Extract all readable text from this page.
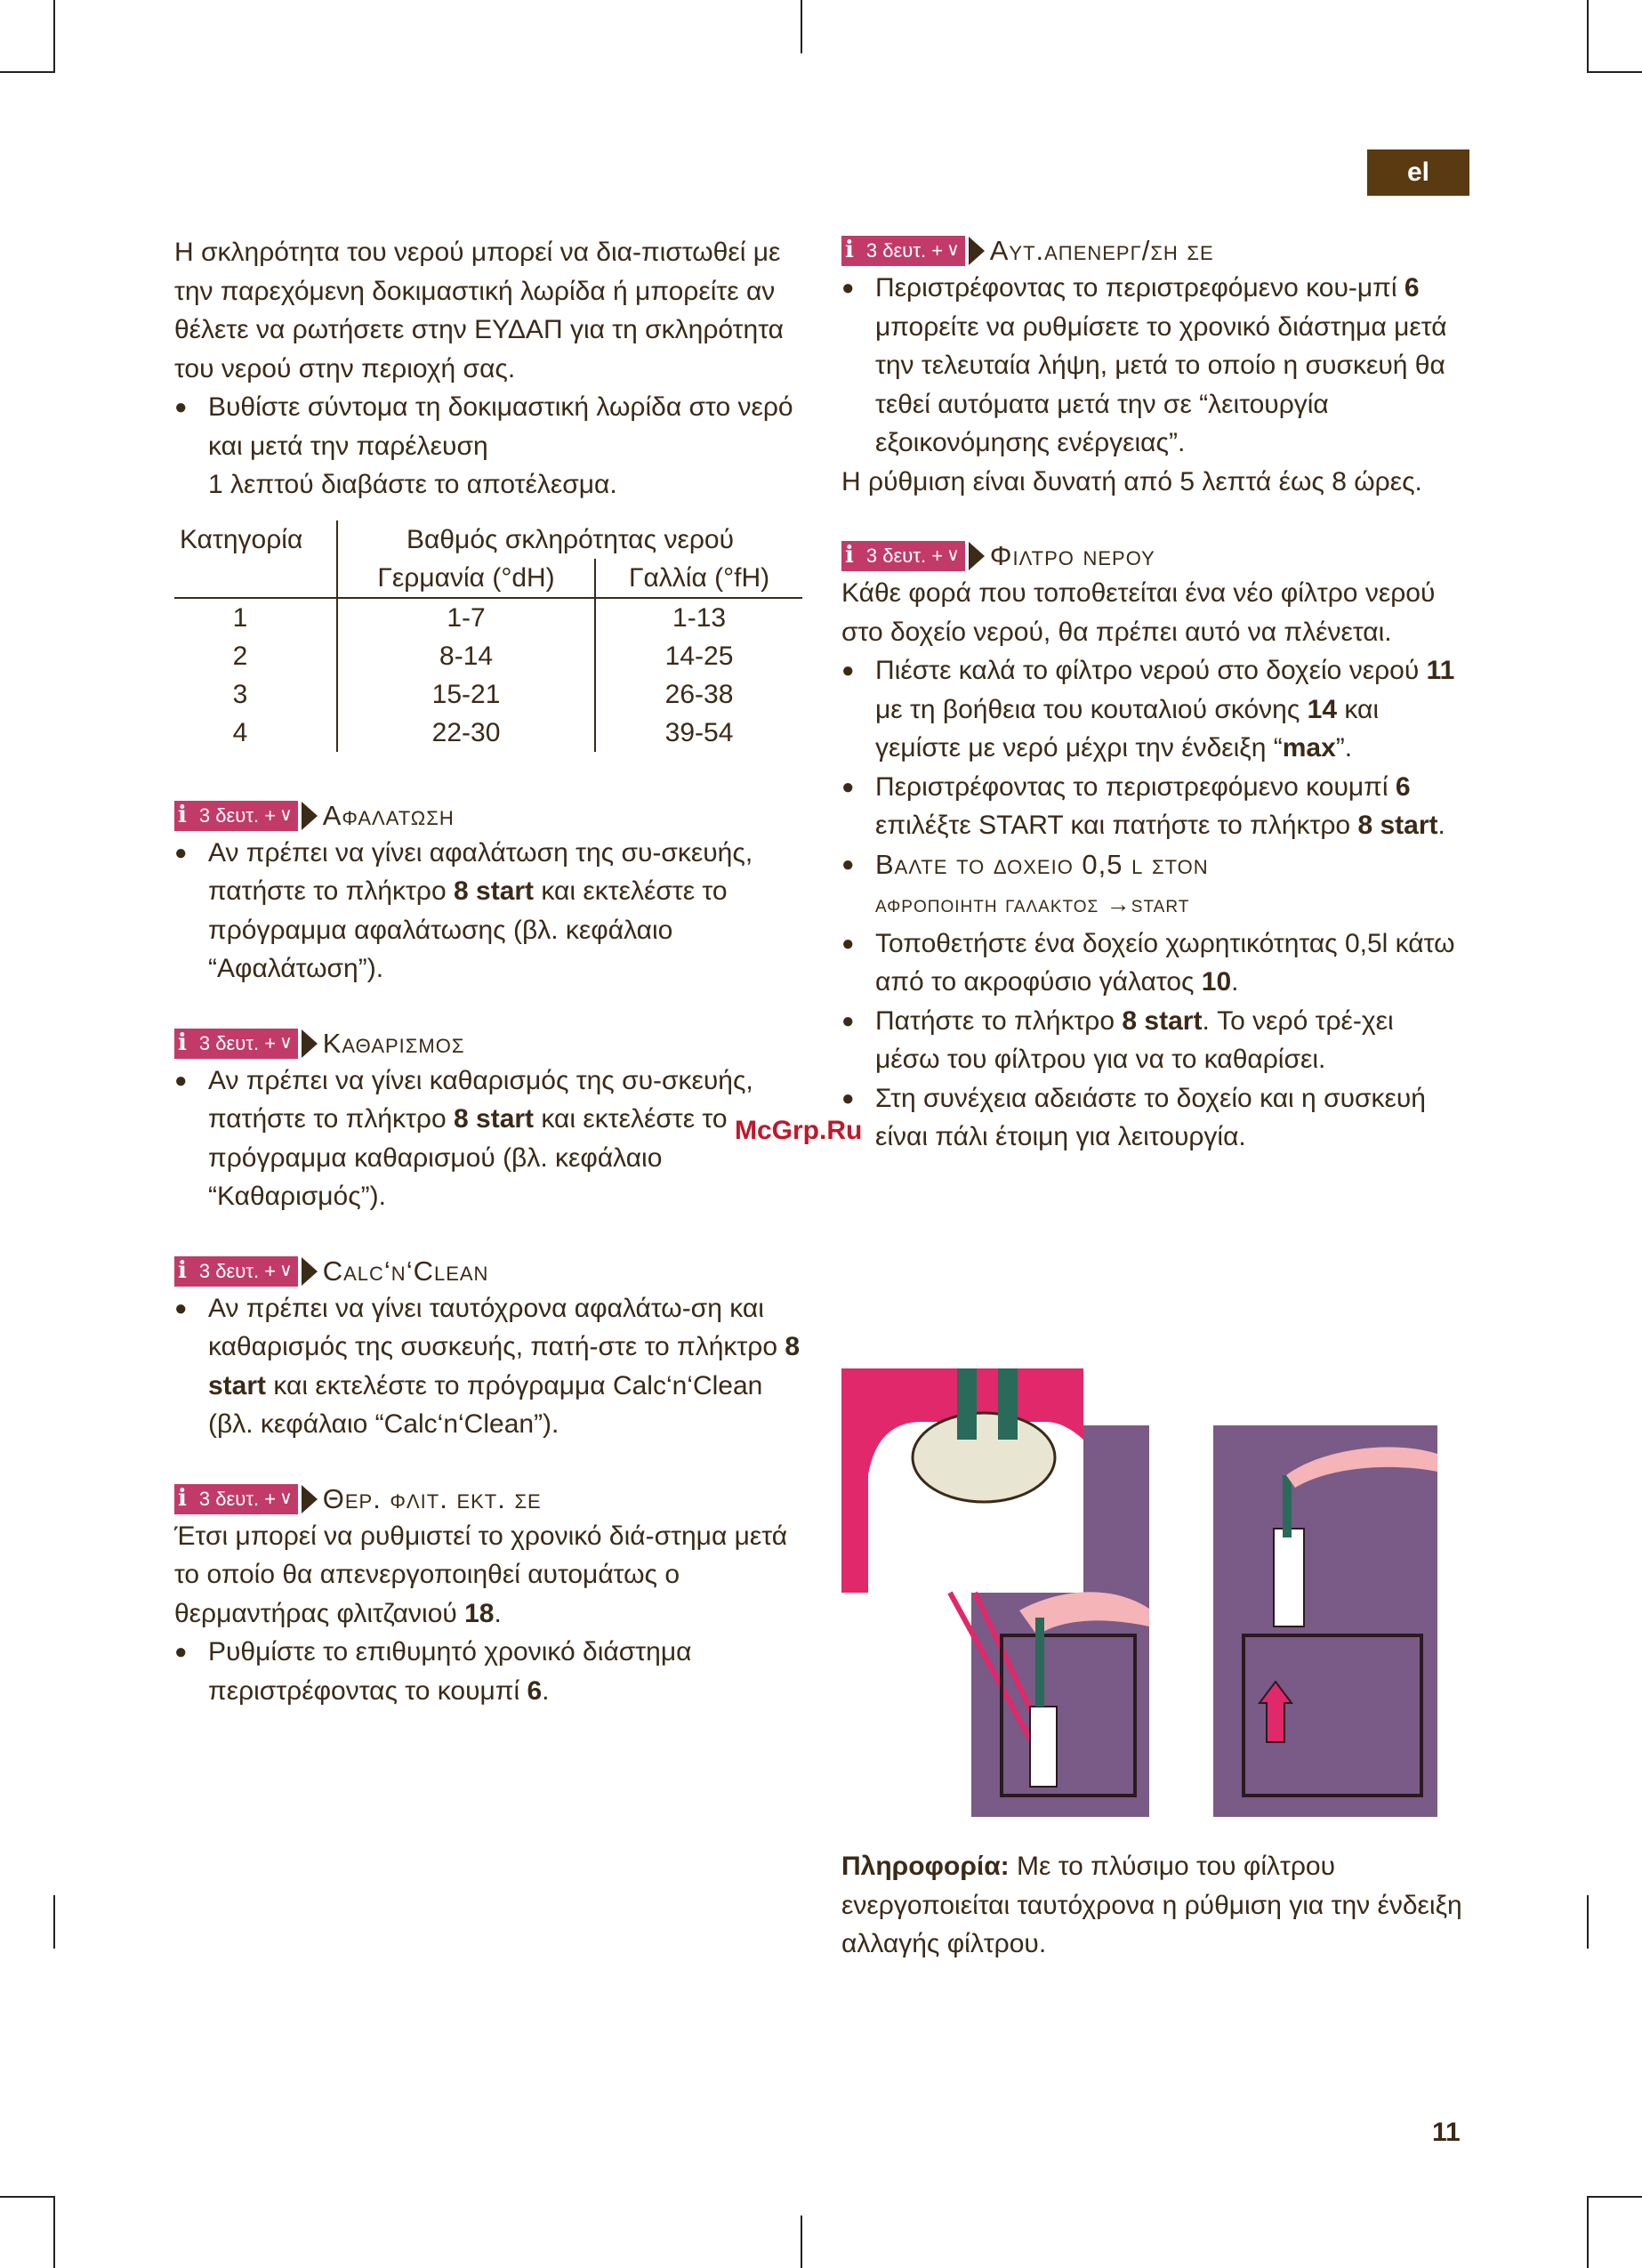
el

Η σκληρότητα του νερού μπορεί να δια-πιστωθεί με την παρεχόμενη δοκιμαστική λωρίδα ή μπορείτε αν θέλετε να ρωτήσετε στην ΕΥΔΑΠ για τη σκληρότητα του νερού στην περιοχή σας.

● Βυθίστε σύντομα τη δοκιμαστική λωρίδα στο νερό και μετά την παρέλευση
1 λεπτού διαβάστε το αποτέλεσμα.
Κατηγορία	Βαθμός σκληρότητας νερού	
	Γερμανία (°dH)	Γαλλία (°fH)
1	1-7	1-13
2	8-14	14-25
3	15-21	26-38
4	22-30	39-54
i 3 δευτ. + ∨ Αφαλατωση
● Αν πρέπει να γίνει αφαλάτωση της συ-σκευής, πατήστε το πλήκτρο 8 start και εκτελέστε το πρόγραμμα αφαλάτωσης (βλ. κεφάλαιο “Αφαλάτωση”).
i 3 δευτ. + ∨ Καθαρισμος
● Αν πρέπει να γίνει καθαρισμός της συ-σκευής, πατήστε το πλήκτρο 8 start και εκτελέστε το πρόγραμμα καθαρισμού (βλ. κεφάλαιο “Καθαρισμός”).
i 3 δευτ. + ∨ Calc‘n‘Clean
● Αν πρέπει να γίνει ταυτόχρονα αφαλάτω-ση και καθαρισμός της συσκευής, πατή-στε το πλήκτρο 8 start και εκτελέστε το πρόγραμμα Calc‘n‘Clean (βλ. κεφάλαιο “Calc‘n‘Clean”).
i 3 δευτ. + ∨ Θερ. φλιτ. εκτ. σε

Έτσι μπορεί να ρυθμιστεί το χρονικό διά-στημα μετά το οποίο θα απενεργοποιηθεί αυτομάτως ο θερμαντήρας φλιτζανιού 18.

● Ρυθμίστε το επιθυμητό χρονικό διάστημα περιστρέφοντας το κουμπί 6.
i 3 δευτ. + ∨ Αυτ.απενεργ/ση σε
● Περιστρέφοντας το περιστρεφόμενο κου-μπί 6 μπορείτε να ρυθμίσετε το χρονικό διάστημα μετά την τελευταία λήψη, μετά το οποίο η συσκευή θα τεθεί αυτόματα μετά την σε “λειτουργία εξοικονόμησης ενέργειας”.

Η ρύθμιση είναι δυνατή από 5 λεπτά έως 8 ώρες.

i 3 δευτ. + ∨ Φιλτρο νερου

Κάθε φορά που τοποθετείται ένα νέο φίλτρο νερού στο δοχείο νερού, θα πρέπει αυτό να πλένεται.

● Πιέστε καλά το φίλτρο νερού στο δοχείο νερού 11 με τη βοήθεια του κουταλιού σκόνης 14 και γεμίστε με νερό μέχρι την ένδειξη “max”.
● Περιστρέφοντας το περιστρεφόμενο κουμπί 6 επιλέξτε START και πατήστε το πλήκτρο 8 start.
● Βαλτε το δοχειο 0,5 l στον
αφροποιητη γαλακτος →start
● Τοποθετήστε ένα δοχείο χωρητικότητας 0,5l κάτω από το ακροφύσιο γάλατος 10.
● Πατήστε το πλήκτρο 8 start. Το νερό τρέ-χει μέσω του φίλτρου για να το καθαρίσει.
● Στη συνέχεια αδειάστε το δοχείο και η συσκευή είναι πάλι έτοιμη για λειτουργία.
McGrp.Ru
Πληροφορία: Με το πλύσιμο του φίλτρου ενεργοποιείται ταυτόχρονα η ρύθμιση για την ένδειξη αλλαγής φίλτρου.
11
